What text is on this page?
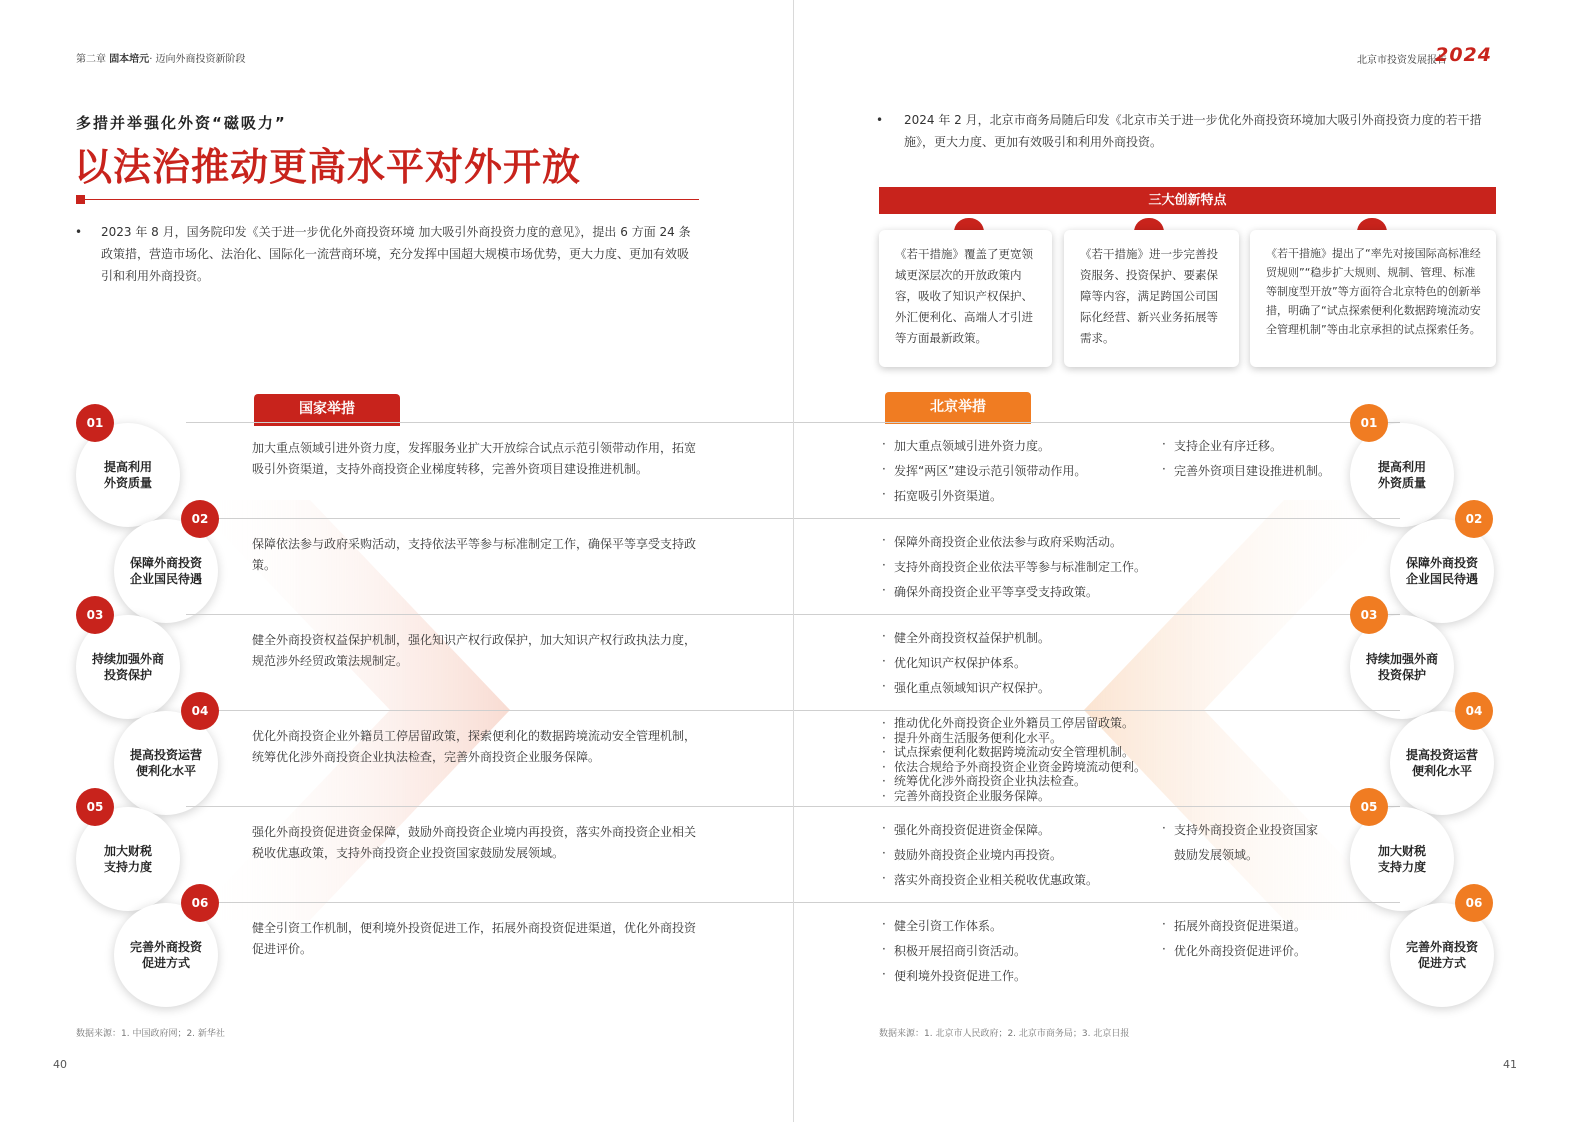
第二章 固本培元· 迈向外商投资新阶段
多措并举强化外资“磁吸力”
以法治推动更高水平对外开放
• 2023 年 8 月，国务院印发《关于进一步优化外商投资环境 加大吸引外商投资力度的意见》，提出 6 方面 24 条政策措，营造市场化、法治化、国际化一流营商环境，充分发挥中国超大规模市场优势，更大力度、更加有效吸引和利用外商投资。
国家举措
提高利用
外资质量
01
加大重点领域引进外资力度，发挥服务业扩大开放综合试点示范引领带动作用，拓宽吸引外资渠道，支持外商投资企业梯度转移，完善外资项目建设推进机制。
保障外商投资
企业国民待遇
02
保障依法参与政府采购活动，支持依法平等参与标准制定工作，确保平等享受支持政策。
持续加强外商
投资保护
03
健全外商投资权益保护机制，强化知识产权行政保护，加大知识产权行政执法力度，规范涉外经贸政策法规制定。
提高投资运营
便利化水平
04
优化外商投资企业外籍员工停居留政策，探索便利化的数据跨境流动安全管理机制，统筹优化涉外商投资企业执法检查，完善外商投资企业服务保障。
加大财税
支持力度
05
强化外商投资促进资金保障，鼓励外商投资企业境内再投资，落实外商投资企业相关税收优惠政策，支持外商投资企业投资国家鼓励发展领域。
完善外商投资
促进方式
06
健全引资工作机制，便利境外投资促进工作，拓展外商投资促进渠道，优化外商投资促进评价。
数据来源：1. 中国政府网；2. 新华社
40
北京市投资发展报告
2024
• 2024 年 2 月，北京市商务局随后印发《北京市关于进一步优化外商投资环境加大吸引外商投资力度的若干措施》，更大力度、更加有效吸引和利用外商投资。
三大创新特点
《若干措施》覆盖了更宽领域更深层次的开放政策内容，吸收了知识产权保护、外汇便利化、高端人才引进等方面最新政策。
《若干措施》进一步完善投资服务、投资保护、要素保障等内容，满足跨国公司国际化经营、新兴业务拓展等需求。
《若干措施》提出了“率先对接国际高标准经贸规则”“稳步扩大规则、规制、管理、标准等制度型开放”等方面符合北京特色的创新举措，明确了“试点探索便利化数据跨境流动安全管理机制”等由北京承担的试点探索任务。
北京举措
提高利用
外资质量
01
· 加大重点领域引进外资力度。
· 发挥“两区”建设示范引领带动作用。
· 拓宽吸引外资渠道。
· 支持企业有序迁移。
· 完善外资项目建设推进机制。
保障外商投资
企业国民待遇
02
· 保障外商投资企业依法参与政府采购活动。
· 支持外商投资企业依法平等参与标准制定工作。
· 确保外商投资企业平等享受支持政策。
持续加强外商
投资保护
03
· 健全外商投资权益保护机制。
· 优化知识产权保护体系。
· 强化重点领域知识产权保护。
提高投资运营
便利化水平
04
· 推动优化外商投资企业外籍员工停居留政策。
· 提升外商生活服务便利化水平。
· 试点探索便利化数据跨境流动安全管理机制。
· 依法合规给予外商投资企业资金跨境流动便利。
· 统筹优化涉外商投资企业执法检查。
· 完善外商投资企业服务保障。
加大财税
支持力度
05
· 强化外商投资促进资金保障。
· 鼓励外商投资企业境内再投资。
· 落实外商投资企业相关税收优惠政策。
· 支持外商投资企业投资国家
鼓励发展领域。
完善外商投资
促进方式
06
· 健全引资工作体系。
· 积极开展招商引资活动。
· 便利境外投资促进工作。
· 拓展外商投资促进渠道。
· 优化外商投资促进评价。
数据来源：1. 北京市人民政府；2. 北京市商务局；3. 北京日报
41
